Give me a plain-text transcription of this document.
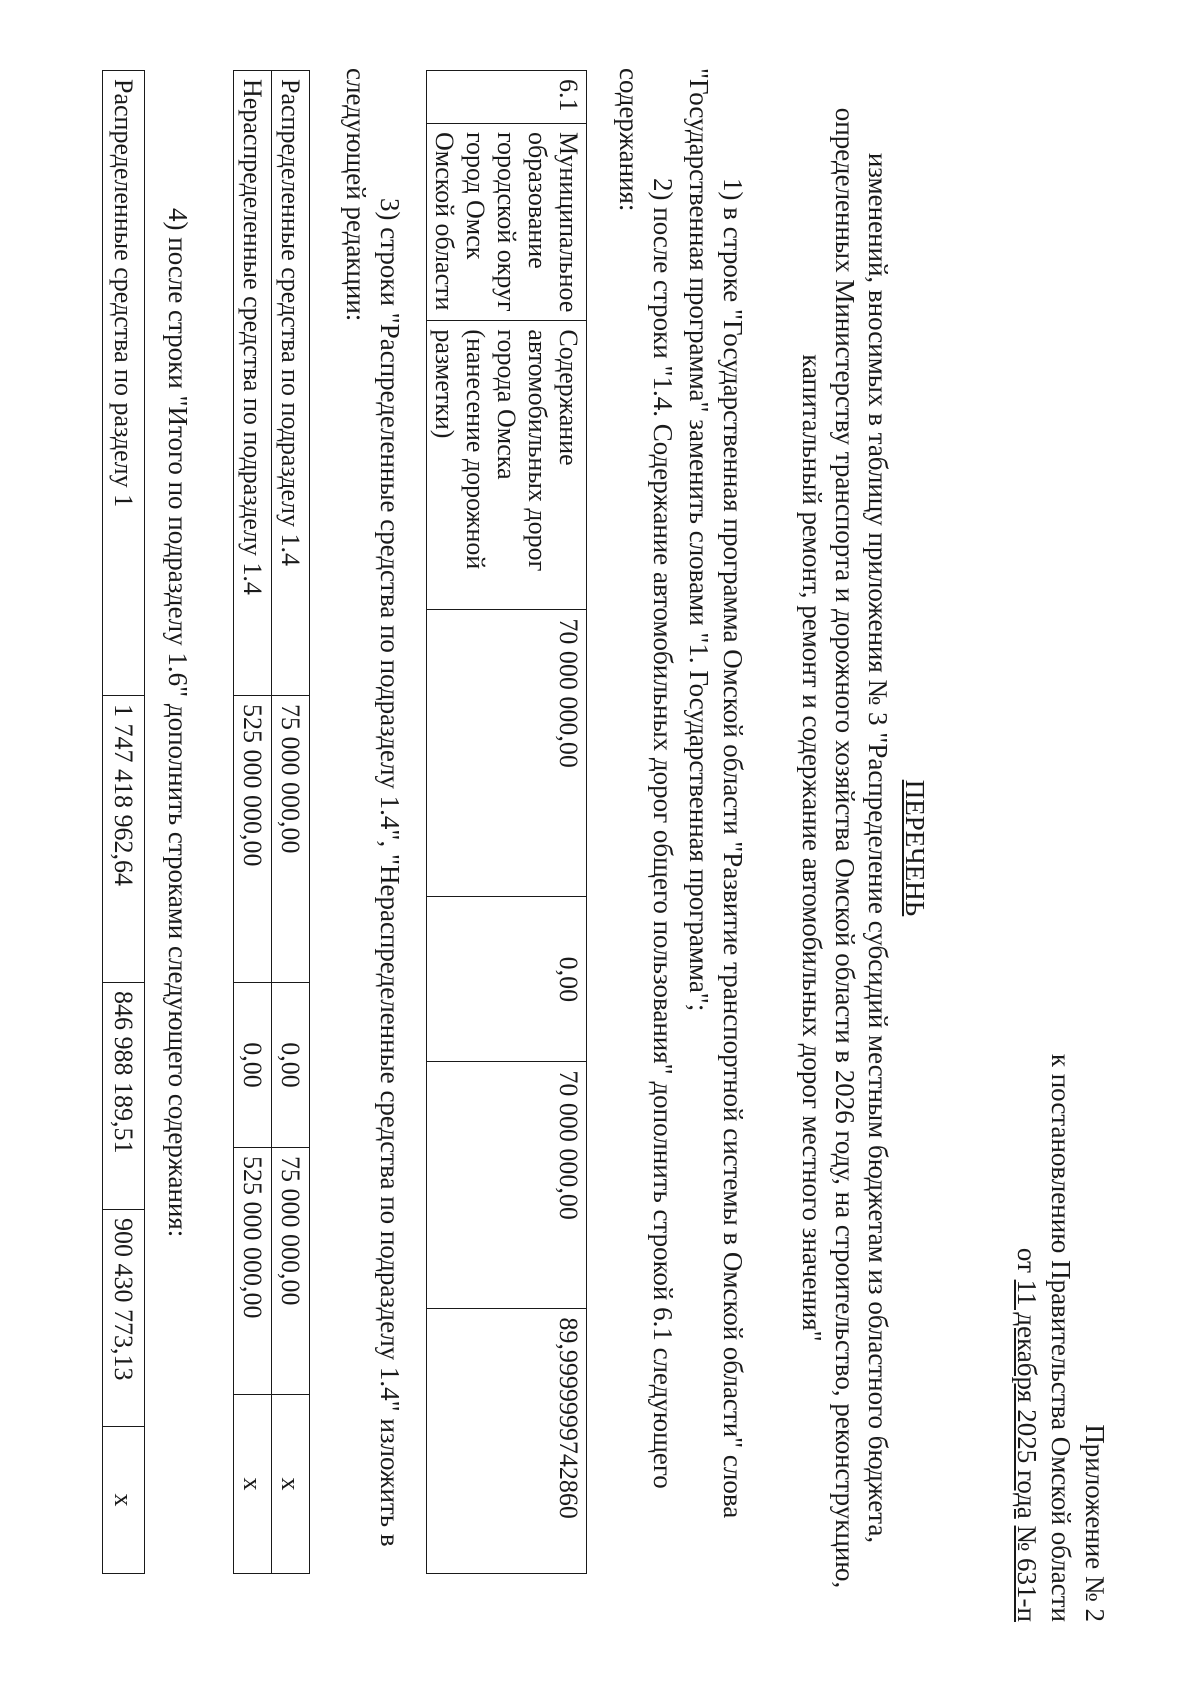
Приложение № 2
к постановлению Правительства Омской области
от 11 декабря 2025 года № 631-п
ПЕРЕЧЕНЬ
изменений, вносимых в таблицу приложения № 3 "Распределение субсидий местным бюджетам из областного бюджета, определенных Министерству транспорта и дорожного хозяйства Омской области в 2026 году, на строительство, реконструкцию, капитальный ремонт, ремонт и содержание автомобильных дорог местного значения"
1) в строке "Государственная программа Омской области "Развитие транспортной системы в Омской области" слова "Государственная программа" заменить словами "1. Государственная программа";
2) после строки "1.4. Содержание автомобильных дорог общего пользования" дополнить строкой 6.1 следующего содержания:
6.1	Муниципальное образование городской округ город Омск Омской области	Содержание автомобильных дорог города Омска (нанесение дорожной разметки)	70 000 000,00	0,00	70 000 000,00	89,9999999742860
3) строки "Распределенные средства по подразделу 1.4", "Нераспределенные средства по подразделу 1.4" изложить в следующей редакции:
Распределенные средства по подразделу 1.4	75 000 000,00	0,00	75 000 000,00	x
Нераспределенные средства по подразделу 1.4	525 000 000,00	0,00	525 000 000,00	x
4) после строки "Итого по подразделу 1.6" дополнить строками следующего содержания:
Распределенные средства по разделу 1	1 747 418 962,64	846 988 189,51	900 430 773,13	x
